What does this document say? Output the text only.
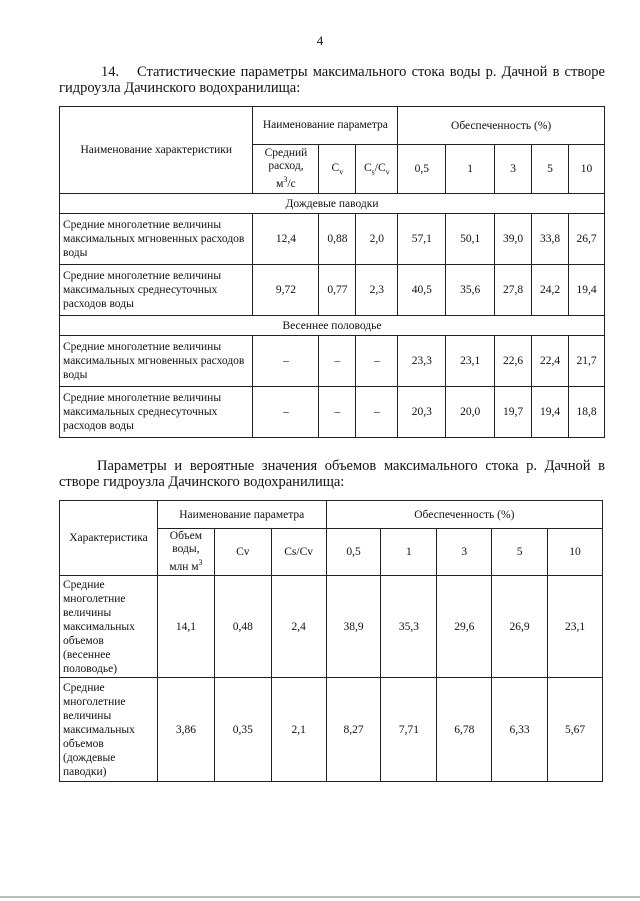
4
14. Статистические параметры максимального стока воды р. Дачной в створе гидроузла Дачинского водохранилища:
Наименование характеристики	Наименование параметра			Обеспеченность (%)				
	Средний расход,
$м^3/с$	$C_v$	$C_s/C_v$	0,5	1	3	5	10
Дождевые паводки								
Средние многолетние величины максимальных мгновенных расходов воды	12,4	0,88	2,0	57,1	50,1	39,0	33,8	26,7
Средние многолетние величины максимальных среднесуточных расходов воды	9,72	0,77	2,3	40,5	35,6	27,8	24,2	19,4
Весеннее половодье								
Средние многолетние величины максимальных мгновенных расходов воды	–	–	–	23,3	23,1	22,6	22,4	21,7
Средние многолетние величины максимальных среднесуточных расходов воды	–	–	–	20,3	20,0	19,7	19,4	18,8
Параметры и вероятные значения объемов максимального стока р. Дачной в створе гидроузла Дачинского водохранилища:
Характеристика	Наименование параметра			Обеспеченность (%)				
	Объем воды,
млн $м^3$	Cv	Cs/Cv	0,5	1	3	5	10
Средние многолетние величины максимальных объемов (весеннее половодье)	14,1	0,48	2,4	38,9	35,3	29,6	26,9	23,1
Средние многолетние величины максимальных объемов (дождевые паводки)	3,86	0,35	2,1	8,27	7,71	6,78	6,33	5,67
